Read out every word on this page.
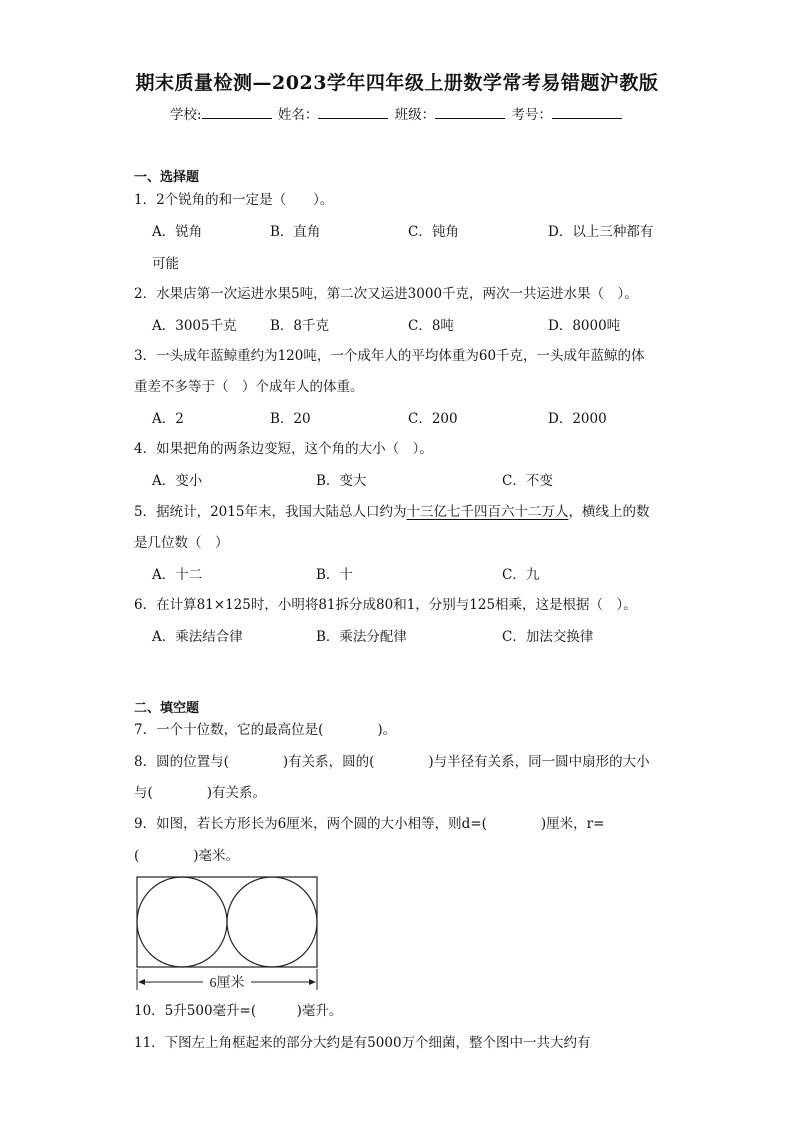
期末质量检测—2023学年四年级上册数学常考易错题沪教版
学校:	姓名：	班级：	考号：
一、选择题
1．2个锐角的和一定是（　　）。
A．锐角	B．直角	C．钝角	D．以上三种都有
可能
2．水果店第一次运进水果5吨，第二次又运进3000千克，两次一共运进水果（　）。
A．3005千克 B．8千克	C．8吨	D．8000吨
3．一头成年蓝鲸重约为120吨，一个成年人的平均体重为60千克，一头成年蓝鲸的体
重差不多等于（　）个成年人的体重。
A．2	B．20	C．200	D．2000
4．如果把角的两条边变短，这个角的大小（　）。
A．变小	B．变大	C．不变
5．据统计，2015年末，我国大陆总人口约为十三亿七千四百六十二万人，横线上的数
是几位数（　）
A．十二	B．十	C．九
6．在计算81×125时，小明将81拆分成80和1，分别与125相乘，这是根据（　）。
A．乘法结合律	B．乘法分配律	C．加法交换律
二、填空题
7．一个十位数，它的最高位是(　　　　)。
8．圆的位置与(　　　　)有关系，圆的(　　　　)与半径有关系，同一圆中扇形的大小
与(　　　　)有关系。
9．如图，若长方形长为6厘米，两个圆的大小相等，则d=(　　　　)厘米，r=
(　　　　)毫米。
6厘米
10．5升500毫升=(　　　)毫升。
11．下图左上角框起来的部分大约是有5000万个细菌，整个图中一共大约有
